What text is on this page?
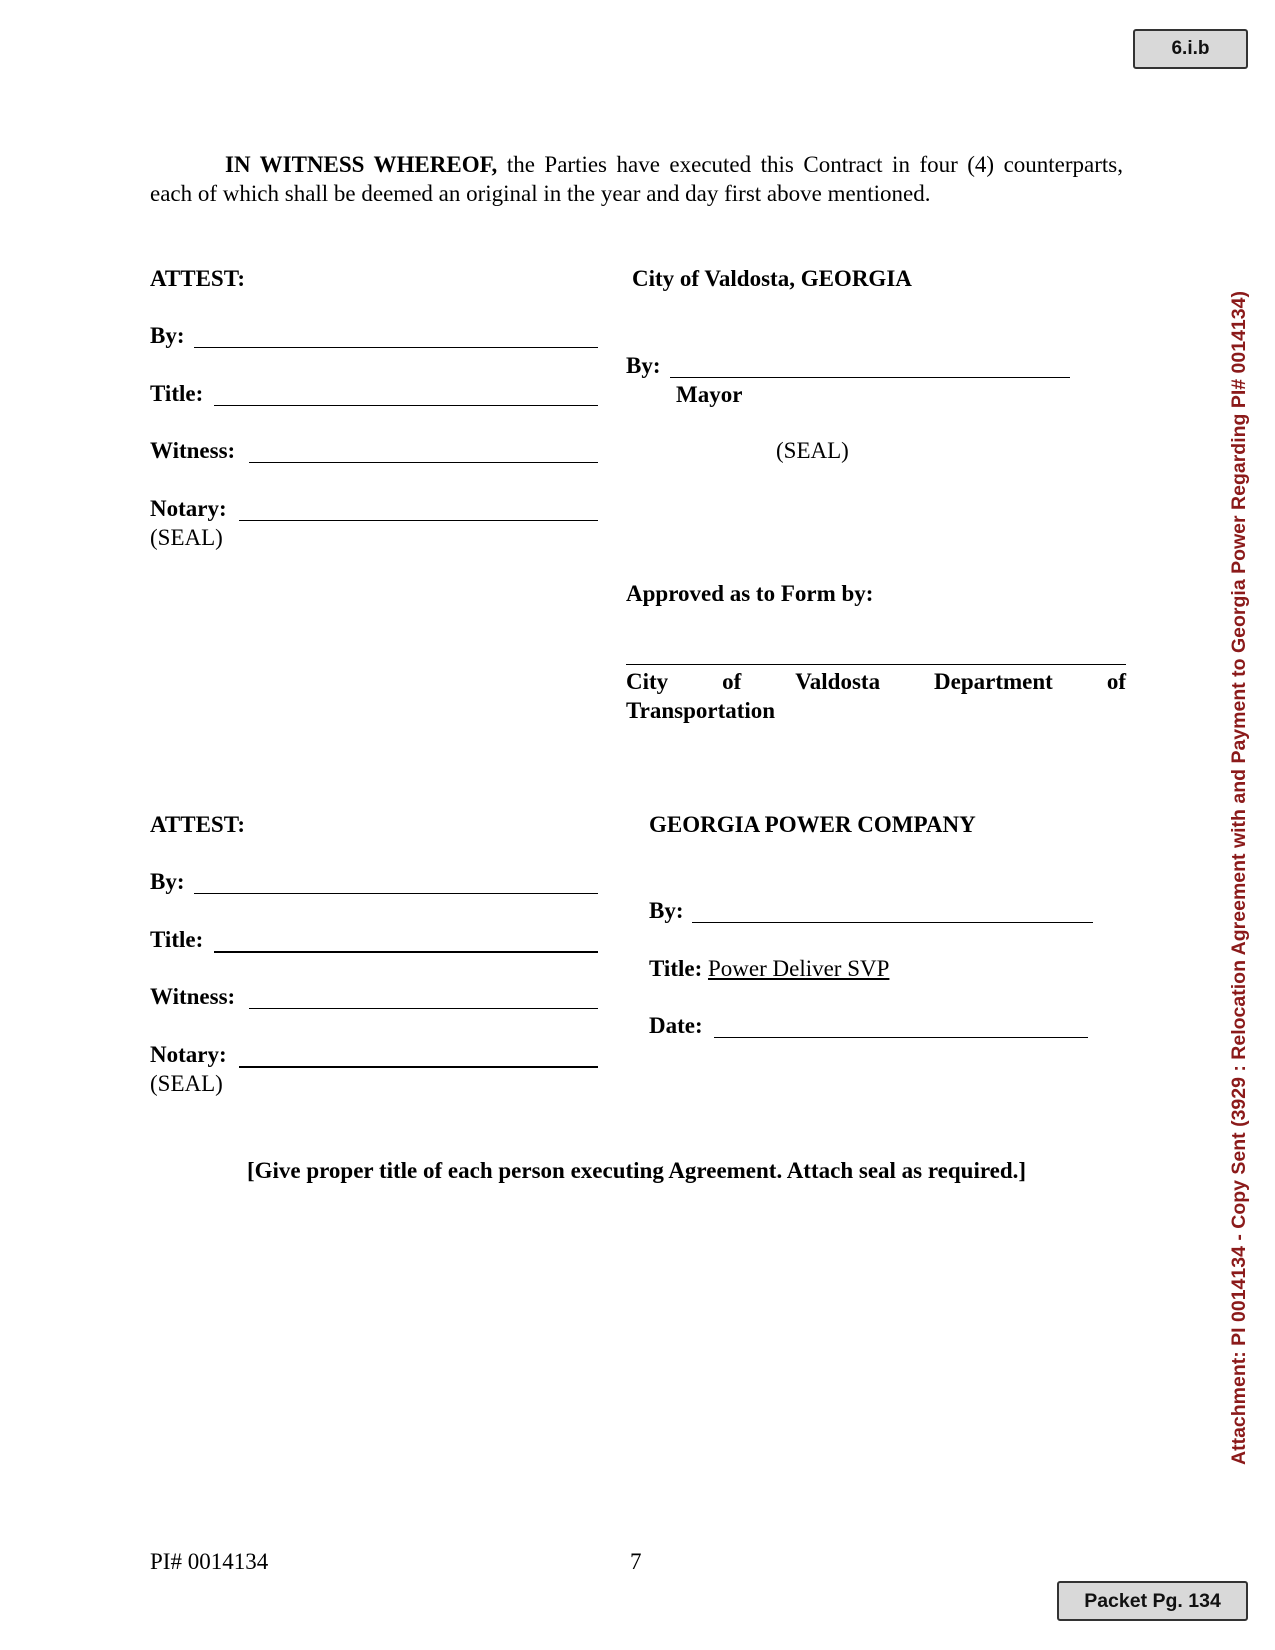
6.i.b
IN WITNESS WHEREOF, the Parties have executed this Contract in four (4) counterparts, each of which shall be deemed an original in the year and day first above mentioned.
ATTEST:
By:
Title:
Witness:
Notary:
(SEAL)
City of Valdosta, GEORGIA
By:
Mayor
(SEAL)
Approved as to Form by:
City of Valdosta Department of
Transportation
ATTEST:
By:
Title:
Witness:
Notary:
(SEAL)
GEORGIA POWER COMPANY
By:
Title: Power Deliver SVP
Date:
[Give proper title of each person executing Agreement. Attach seal as required.]
PI# 0014134	7
Packet Pg. 134
Attachment: PI 0014134 - Copy Sent (3929 : Relocation Agreement with and Payment to Georgia Power Regarding PI# 0014134)
